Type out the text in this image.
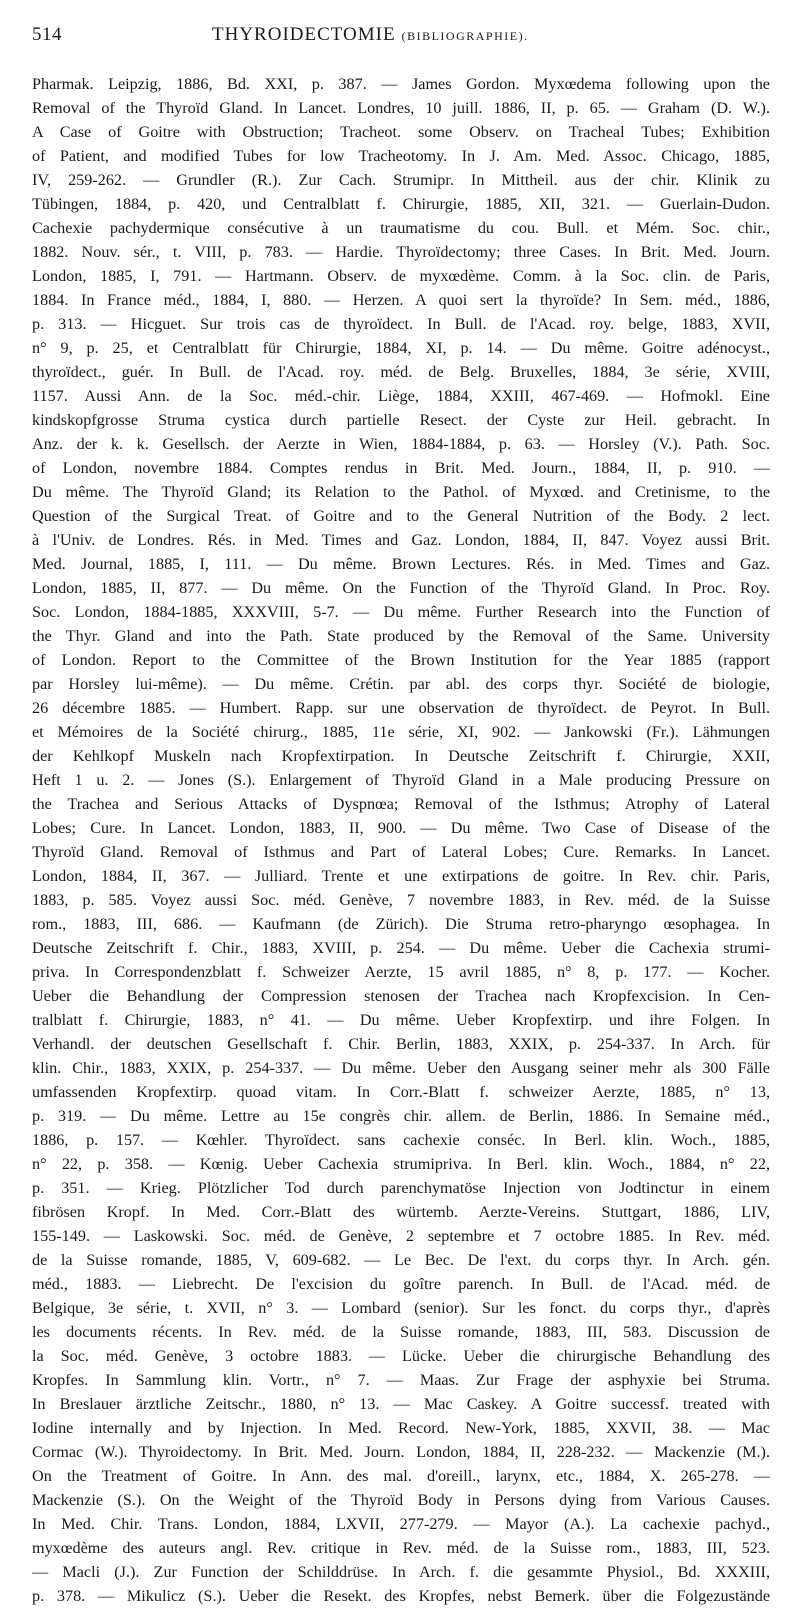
514	THYROIDECTOMIE (BIBLIOGRAPHIE).
Pharmak. Leipzig, 1886, Bd. XXI, p. 387. — James Gordon. Myxœdema following upon the
Removal of the Thyroïd Gland. In Lancet. Londres, 10 juill. 1886, II, p. 65. — Graham (D. W.).
A Case of Goitre with Obstruction; Tracheot. some Observ. on Tracheal Tubes; Exhibition
of Patient, and modified Tubes for low Tracheotomy. In J. Am. Med. Assoc. Chicago, 1885,
IV, 259-262. — Grundler (R.). Zur Cach. Strumipr. In Mittheil. aus der chir. Klinik zu
Tübingen, 1884, p. 420, und Centralblatt f. Chirurgie, 1885, XII, 321. — Guerlain-Dudon.
Cachexie pachydermique consécutive à un traumatisme du cou. Bull. et Mém. Soc. chir.,
1882. Nouv. sér., t. VIII, p. 783. — Hardie. Thyroïdectomy; three Cases. In Brit. Med. Journ.
London, 1885, I, 791. — Hartmann. Observ. de myxœdème. Comm. à la Soc. clin. de Paris,
1884. In France méd., 1884, I, 880. — Herzen. A quoi sert la thyroïde? In Sem. méd., 1886,
p. 313. — Hicguet. Sur trois cas de thyroïdect. In Bull. de l'Acad. roy. belge, 1883, XVII,
n° 9, p. 25, et Centralblatt für Chirurgie, 1884, XI, p. 14. — Du même. Goitre adénocyst.,
thyroïdect., guér. In Bull. de l'Acad. roy. méd. de Belg. Bruxelles, 1884, 3e série, XVIII,
1157. Aussi Ann. de la Soc. méd.-chir. Liège, 1884, XXIII, 467-469. — Hofmokl. Eine
kindskopfgrosse Struma cystica durch partielle Resect. der Cyste zur Heil. gebracht. In
Anz. der k. k. Gesellsch. der Aerzte in Wien, 1884-1884, p. 63. — Horsley (V.). Path. Soc.
of London, novembre 1884. Comptes rendus in Brit. Med. Journ., 1884, II, p. 910. —
Du même. The Thyroïd Gland; its Relation to the Pathol. of Myxœd. and Cretinisme, to the
Question of the Surgical Treat. of Goitre and to the General Nutrition of the Body. 2 lect.
à l'Univ. de Londres. Rés. in Med. Times and Gaz. London, 1884, II, 847. Voyez aussi Brit.
Med. Journal, 1885, I, 111. — Du même. Brown Lectures. Rés. in Med. Times and Gaz.
London, 1885, II, 877. — Du même. On the Function of the Thyroïd Gland. In Proc. Roy.
Soc. London, 1884-1885, XXXVIII, 5-7. — Du même. Further Research into the Function of
the Thyr. Gland and into the Path. State produced by the Removal of the Same. University
of London. Report to the Committee of the Brown Institution for the Year 1885 (rapport
par Horsley lui-même). — Du même. Crétin. par abl. des corps thyr. Société de biologie,
26 décembre 1885. — Humbert. Rapp. sur une observation de thyroïdect. de Peyrot. In Bull.
et Mémoires de la Société chirurg., 1885, 11e série, XI, 902. — Jankowski (Fr.). Lähmungen
der Kehlkopf Muskeln nach Kropfextirpation. In Deutsche Zeitschrift f. Chirurgie, XXII,
Heft 1 u. 2. — Jones (S.). Enlargement of Thyroïd Gland in a Male producing Pressure on
the Trachea and Serious Attacks of Dyspnœa; Removal of the Isthmus; Atrophy of Lateral
Lobes; Cure. In Lancet. London, 1883, II, 900. — Du même. Two Case of Disease of the
Thyroïd Gland. Removal of Isthmus and Part of Lateral Lobes; Cure. Remarks. In Lancet.
London, 1884, II, 367. — Julliard. Trente et une extirpations de goitre. In Rev. chir. Paris,
1883, p. 585. Voyez aussi Soc. méd. Genève, 7 novembre 1883, in Rev. méd. de la Suisse
rom., 1883, III, 686. — Kaufmann (de Zürich). Die Struma retro-pharyngo œsophagea. In
Deutsche Zeitschrift f. Chir., 1883, XVIII, p. 254. — Du même. Ueber die Cachexia strumi-
priva. In Correspondenzblatt f. Schweizer Aerzte, 15 avril 1885, n° 8, p. 177. — Kocher.
Ueber die Behandlung der Compression stenosen der Trachea nach Kropfexcision. In Cen-
tralblatt f. Chirurgie, 1883, n° 41. — Du même. Ueber Kropfextirp. und ihre Folgen. In
Verhandl. der deutschen Gesellschaft f. Chir. Berlin, 1883, XXIX, p. 254-337. In Arch. für
klin. Chir., 1883, XXIX, p. 254-337. — Du même. Ueber den Ausgang seiner mehr als 300 Fälle
umfassenden Kropfextirp. quoad vitam. In Corr.-Blatt f. schweizer Aerzte, 1885, n° 13,
p. 319. — Du même. Lettre au 15e congrès chir. allem. de Berlin, 1886. In Semaine méd.,
1886, p. 157. — Kœhler. Thyroïdect. sans cachexie conséc. In Berl. klin. Woch., 1885,
n° 22, p. 358. — Kœnig. Ueber Cachexia strumipriva. In Berl. klin. Woch., 1884, n° 22,
p. 351. — Krieg. Plötzlicher Tod durch parenchymatöse Injection von Jodtinctur in einem
fibrösen Kropf. In Med. Corr.-Blatt des würtemb. Aerzte-Vereins. Stuttgart, 1886, LIV,
155-149. — Laskowski. Soc. méd. de Genève, 2 septembre et 7 octobre 1885. In Rev. méd.
de la Suisse romande, 1885, V, 609-682. — Le Bec. De l'ext. du corps thyr. In Arch. gén.
méd., 1883. — Liebrecht. De l'excision du goître parench. In Bull. de l'Acad. méd. de
Belgique, 3e série, t. XVII, n° 3. — Lombard (senior). Sur les fonct. du corps thyr., d'après
les documents récents. In Rev. méd. de la Suisse romande, 1883, III, 583. Discussion de
la Soc. méd. Genève, 3 octobre 1883. — Lücke. Ueber die chirurgische Behandlung des
Kropfes. In Sammlung klin. Vortr., n° 7. — Maas. Zur Frage der asphyxie bei Struma.
In Breslauer ärztliche Zeitschr., 1880, n° 13. — Mac Caskey. A Goitre successf. treated with
Iodine internally and by Injection. In Med. Record. New-York, 1885, XXVII, 38. — Mac
Cormac (W.). Thyroidectomy. In Brit. Med. Journ. London, 1884, II, 228-232. — Mackenzie (M.).
On the Treatment of Goitre. In Ann. des mal. d'oreill., larynx, etc., 1884, X. 265-278. —
Mackenzie (S.). On the Weight of the Thyroïd Body in Persons dying from Various Causes.
In Med. Chir. Trans. London, 1884, LXVII, 277-279. — Mayor (A.). La cachexie pachyd.,
myxœdème des auteurs angl. Rev. critique in Rev. méd. de la Suisse rom., 1883, III, 523.
— Macli (J.). Zur Function der Schilddrüse. In Arch. f. die gesammte Physiol., Bd. XXXIII,
p. 378. — Mikulicz (S.). Ueber die Resekt. des Kropfes, nebst Bemerk. über die Folgezustände
